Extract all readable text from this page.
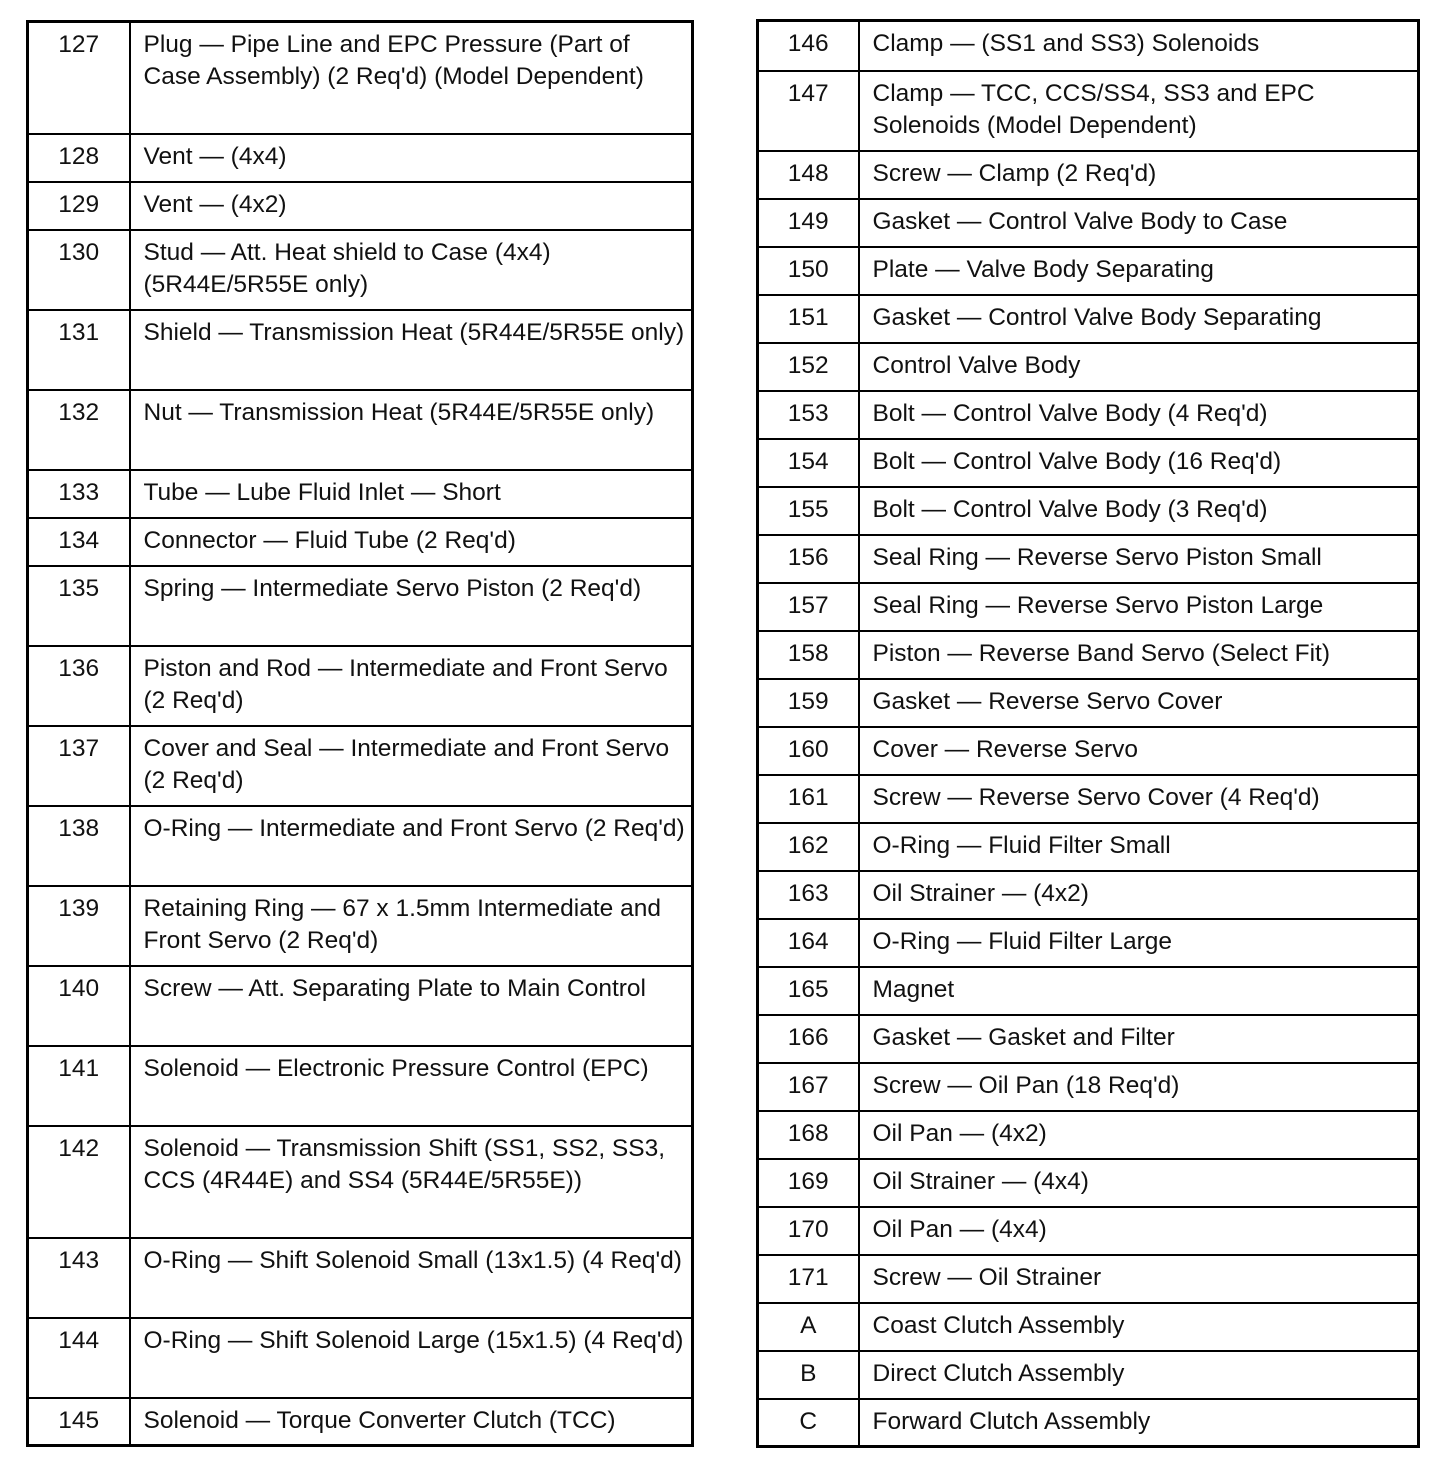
127	Plug — Pipe Line and EPC Pressure (Part of Case Assembly) (2 Req'd) (Model Dependent)
128	Vent — (4x4)
129	Vent — (4x2)
130	Stud — Att. Heat shield to Case (4x4) (5R44E/5R55E only)
131	Shield — Transmission Heat (5R44E/5R55E only)
132	Nut — Transmission Heat (5R44E/5R55E only)
133	Tube — Lube Fluid Inlet — Short
134	Connector — Fluid Tube (2 Req'd)
135	Spring — Intermediate Servo Piston (2 Req'd)
136	Piston and Rod — Intermediate and Front Servo (2 Req'd)
137	Cover and Seal — Intermediate and Front Servo (2 Req'd)
138	O-Ring — Intermediate and Front Servo (2 Req'd)
139	Retaining Ring — 67 x 1.5mm Intermediate and Front Servo (2 Req'd)
140	Screw — Att. Separating Plate to Main Control
141	Solenoid — Electronic Pressure Control (EPC)
142	Solenoid — Transmission Shift (SS1, SS2, SS3, CCS (4R44E) and SS4 (5R44E/5R55E))
143	O-Ring — Shift Solenoid Small (13x1.5) (4 Req'd)
144	O-Ring — Shift Solenoid Large (15x1.5) (4 Req'd)
145	Solenoid — Torque Converter Clutch (TCC)
146	Clamp — (SS1 and SS3) Solenoids
147	Clamp — TCC, CCS/SS4, SS3 and EPC Solenoids (Model Dependent)
148	Screw — Clamp (2 Req'd)
149	Gasket — Control Valve Body to Case
150	Plate — Valve Body Separating
151	Gasket — Control Valve Body Separating
152	Control Valve Body
153	Bolt — Control Valve Body (4 Req'd)
154	Bolt — Control Valve Body (16 Req'd)
155	Bolt — Control Valve Body (3 Req'd)
156	Seal Ring — Reverse Servo Piston Small
157	Seal Ring — Reverse Servo Piston Large
158	Piston — Reverse Band Servo (Select Fit)
159	Gasket — Reverse Servo Cover
160	Cover — Reverse Servo
161	Screw — Reverse Servo Cover (4 Req'd)
162	O-Ring — Fluid Filter Small
163	Oil Strainer — (4x2)
164	O-Ring — Fluid Filter Large
165	Magnet
166	Gasket — Gasket and Filter
167	Screw — Oil Pan (18 Req'd)
168	Oil Pan — (4x2)
169	Oil Strainer — (4x4)
170	Oil Pan — (4x4)
171	Screw — Oil Strainer
A	Coast Clutch Assembly
B	Direct Clutch Assembly
C	Forward Clutch Assembly
